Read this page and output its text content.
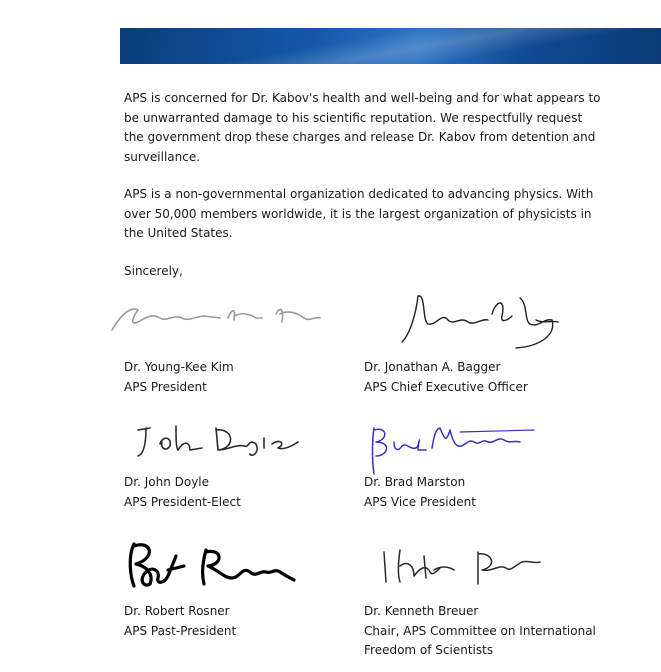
APS is concerned for Dr. Kabov's health and well-being and for what appears to be unwarranted damage to his scientific reputation. We respectfully request the government drop these charges and release Dr. Kabov from detention and surveillance.

APS is a non-governmental organization dedicated to advancing physics. With over 50,000 members worldwide, it is the largest organization of physicists in the United States.

Sincerely,

Dr. Young-Kee Kim
APS President
Dr. Jonathan A. Bagger
APS Chief Executive Officer
Dr. John Doyle
APS President-Elect
Dr. Brad Marston
APS Vice President
Dr. Robert Rosner
APS Past-President
Dr. Kenneth Breuer
Chair, APS Committee on International
Freedom of Scientists
